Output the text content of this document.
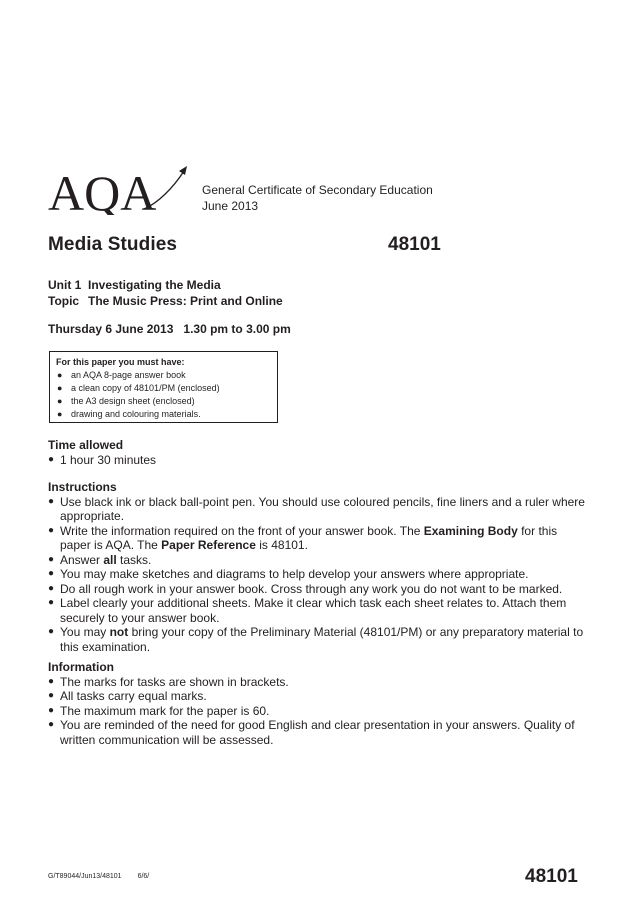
AQA	General Certificate of Secondary Education
June 2013
Media Studies	48101
Unit 1 Investigating the Media
Topic The Music Press: Print and Online
Thursday 6 June 2013 1.30 pm to 3.00 pm
For this paper you must have:
● an AQA 8-page answer book
● a clean copy of 48101/PM (enclosed)
● the A3 design sheet (enclosed)
● drawing and colouring materials.
Time allowed
● 1 hour 30 minutes
Instructions
● Use black ink or black ball-point pen. You should use coloured pencils, fine liners and a ruler where appropriate.
● Write the information required on the front of your answer book. The Examining Body for this paper is AQA. The Paper Reference is 48101.
● Answer all tasks.
● You may make sketches and diagrams to help develop your answers where appropriate.
● Do all rough work in your answer book. Cross through any work you do not want to be marked.
● Label clearly your additional sheets. Make it clear which task each sheet relates to. Attach them securely to your answer book.
● You may not bring your copy of the Preliminary Material (48101/PM) or any preparatory material to this examination.
Information
● The marks for tasks are shown in brackets.
● All tasks carry equal marks.
● The maximum mark for the paper is 60.
● You are reminded of the need for good English and clear presentation in your answers. Quality of written communication will be assessed.
G/T89044/Jun13/48101 6/6/	48101
